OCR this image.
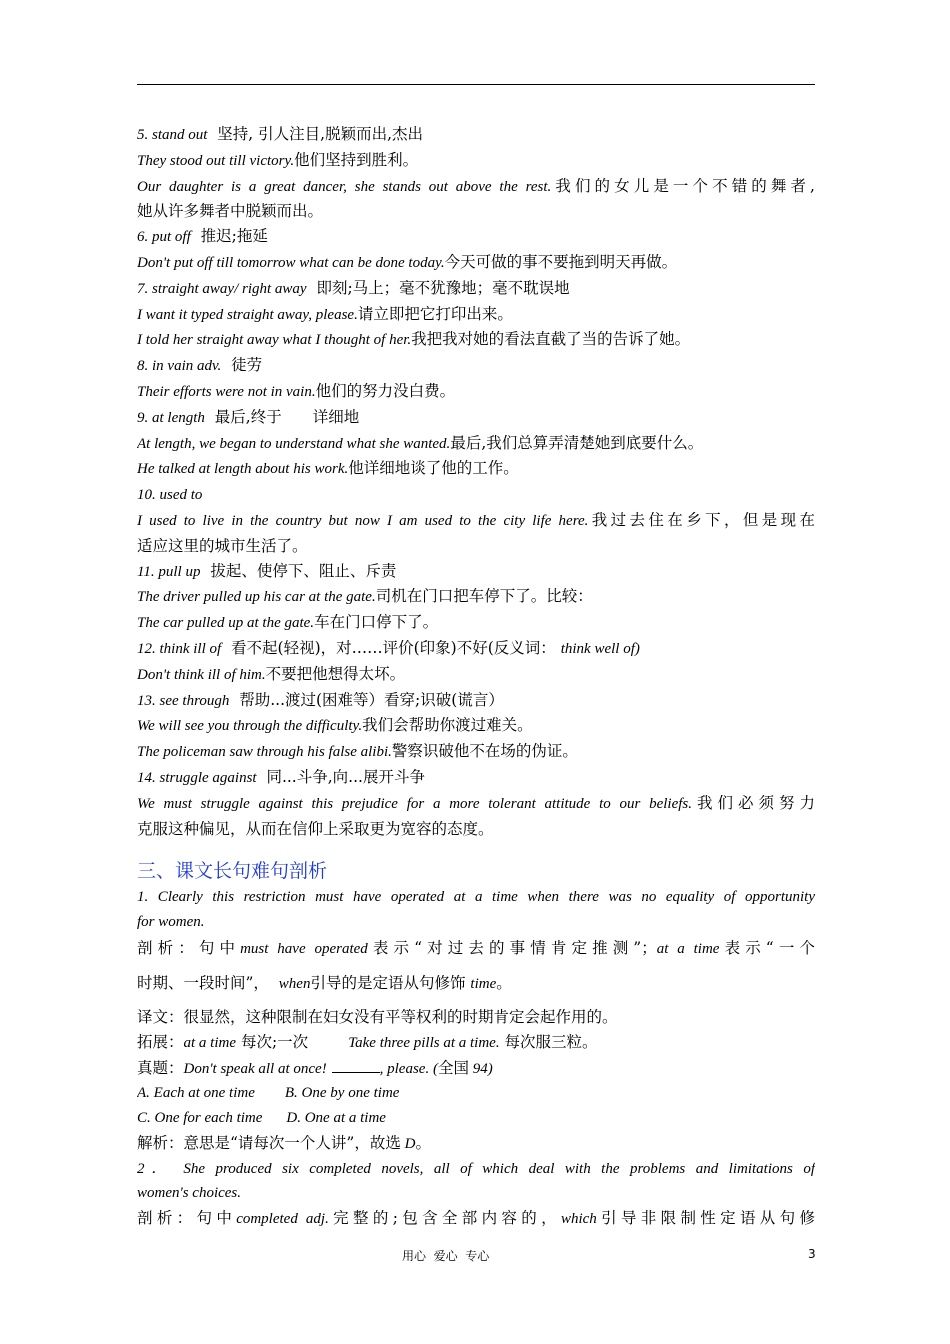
5. stand out 坚持, 引人注目,脱颖而出,杰出
They stood out till victory.他们坚持到胜利。
Our daughter is a great dancer, she stands out above the rest.我们的女儿是一个不错的舞者,
她从许多舞者中脱颖而出。
6. put off 推迟;拖延
Don't put off till tomorrow what can be done today.今天可做的事不要拖到明天再做。
7. straight away/ right away 即刻;马上；毫不犹豫地；毫不耽误地
I want it typed straight away, please.请立即把它打印出来。
I told her straight away what I thought of her.我把我对她的看法直截了当的告诉了她。
8. in vain adv. 徒劳
Their efforts were not in vain.他们的努力没白费。
9. at length 最后,终于　　详细地
At length, we began to understand what she wanted.最后,我们总算弄清楚她到底要什么。
He talked at length about his work.他详细地谈了他的工作。
10. used to
I used to live in the country but now I am used to the city life here.我过去住在乡下，但是现在
适应这里的城市生活了。
11. pull up 拔起、使停下、阻止、斥责
The driver pulled up his car at the gate.司机在门口把车停下了。比较：
The car pulled up at the gate.车在门口停下了。
12. think ill of 看不起(轻视)，对……评价(印象)不好(反义词： think well of)
Don't think ill of him.不要把他想得太坏。
13. see through 帮助...渡过(困难等）看穿;识破(谎言）
We will see you through the difficulty.我们会帮助你渡过难关。
The policeman saw through his false alibi.警察识破他不在场的伪证。
14. struggle against 同...斗争,向...展开斗争
We must struggle against this prejudice for a more tolerant attitude to our beliefs.我们必须努力
克服这种偏见，从而在信仰上采取更为宽容的态度。
三、课文长句难句剖析
1. Clearly this restriction must have operated at a time when there was no equality of opportunity
for women.
剖析：句中must have operated表示“对过去的事情肯定推测”；at a time表示“一个
时期、一段时间”， when引导的是定语从句修饰 time。
译文：很显然，这种限制在妇女没有平等权利的时期肯定会起作用的。
拓展：at a time 每次;一次	Take three pills at a time. 每次服三粒。
真题：Don't speak all at once!	, please. (全国 94)
A. Each at one time B. One by one time
C. One for each time D. One at a time
解析：意思是“请每次一个人讲”，故选 D。
2． She produced six completed novels, all of which deal with the problems and limitations of
women's choices.
剖析：句中completed adj.完整的;包含全部内容的，which引导非限制性定语从句修
用心  爱心  专心	3
